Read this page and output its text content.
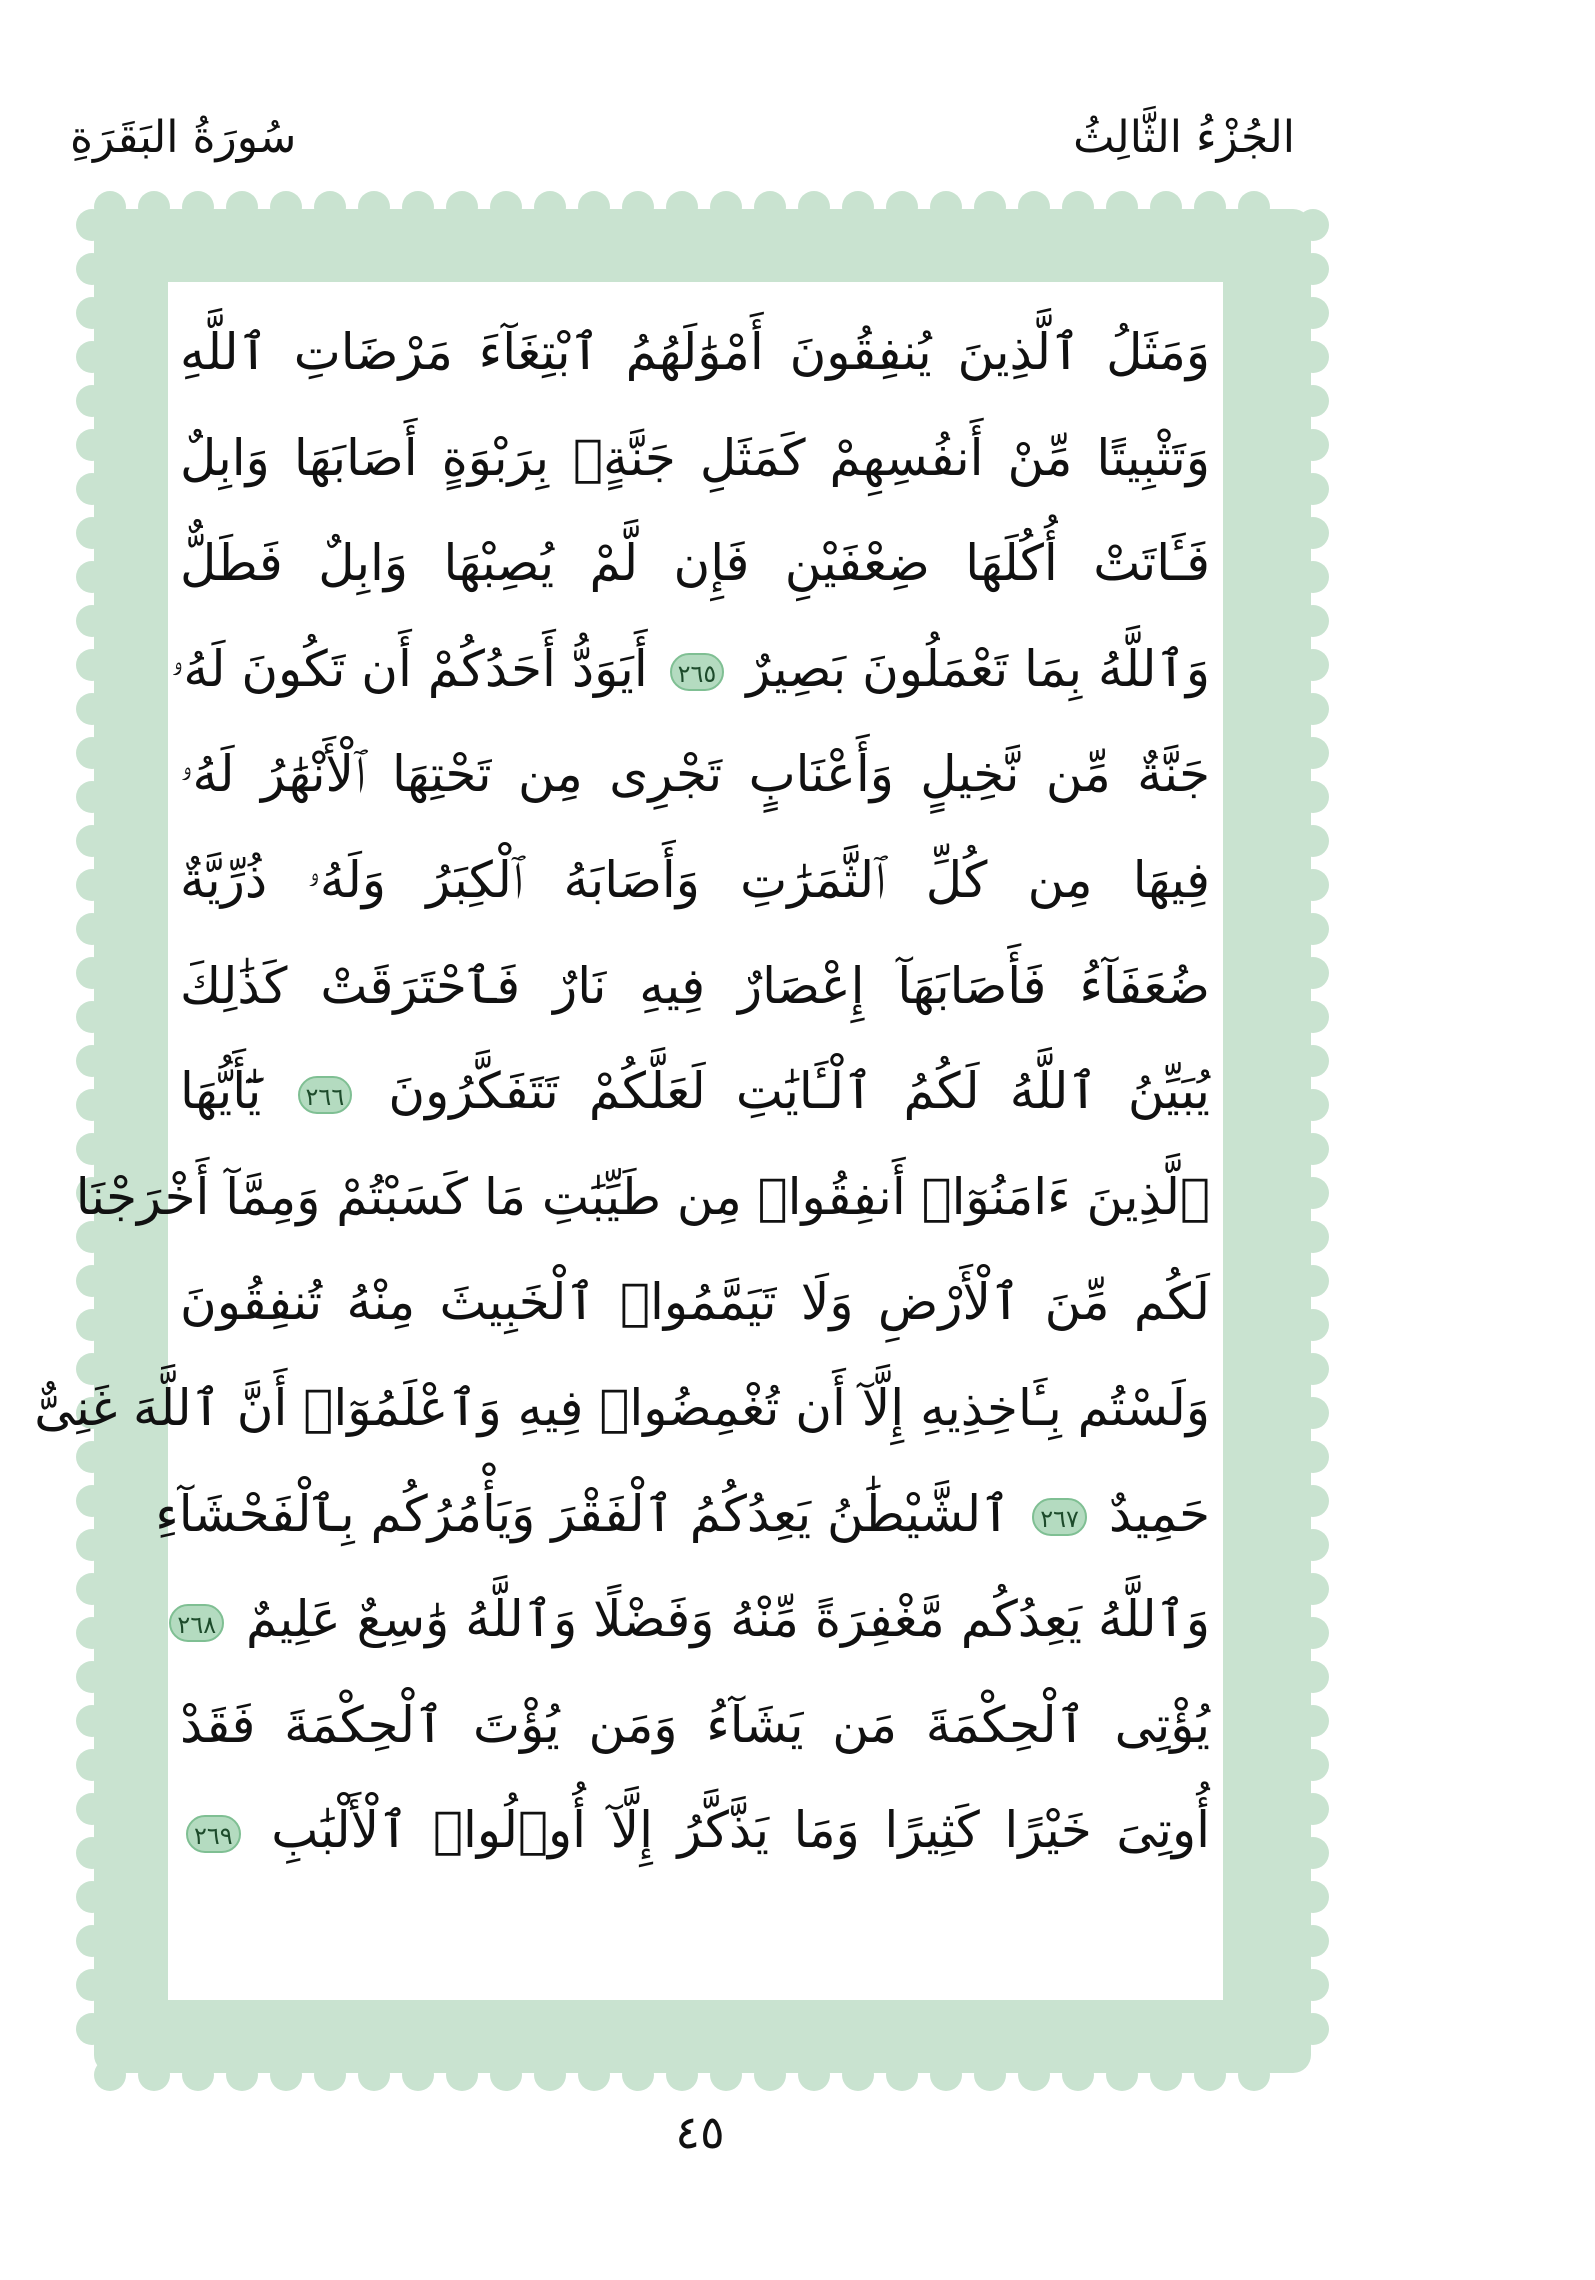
سُورَةُ البَقَرَةِ	الجُزْءُ الثَّالِثُ
وَمَثَلُ ٱلَّذِينَ يُنفِقُونَ أَمْوَٰلَهُمُ ٱبْتِغَآءَ مَرْضَاتِ ٱللَّهِ
وَتَثْبِيتًا مِّنْ أَنفُسِهِمْ كَمَثَلِ جَنَّةٍۭ بِرَبْوَةٍ أَصَابَهَا وَابِلٌ
فَـَٔاتَتْ أُكُلَهَا ضِعْفَيْنِ فَإِن لَّمْ يُصِبْهَا وَابِلٌ فَطَلٌّ
وَٱللَّهُ بِمَا تَعْمَلُونَ بَصِيرٌ ٢٦٥ أَيَوَدُّ أَحَدُكُمْ أَن تَكُونَ لَهُۥ
جَنَّةٌ مِّن نَّخِيلٍ وَأَعْنَابٍ تَجْرِى مِن تَحْتِهَا ٱلْأَنْهَٰرُ لَهُۥ
فِيهَا مِن كُلِّ ٱلثَّمَرَٰتِ وَأَصَابَهُ ٱلْكِبَرُ وَلَهُۥ ذُرِّيَّةٌ
ضُعَفَآءُ فَأَصَابَهَآ إِعْصَارٌ فِيهِ نَارٌ فَٱحْتَرَقَتْ كَذَٰلِكَ
يُبَيِّنُ ٱللَّهُ لَكُمُ ٱلْـَٔايَٰتِ لَعَلَّكُمْ تَتَفَكَّرُونَ ٢٦٦ يَٰٓأَيُّهَا
ٱلَّذِينَ ءَامَنُوٓا۟ أَنفِقُوا۟ مِن طَيِّبَٰتِ مَا كَسَبْتُمْ وَمِمَّآ أَخْرَجْنَا
لَكُم مِّنَ ٱلْأَرْضِ وَلَا تَيَمَّمُوا۟ ٱلْخَبِيثَ مِنْهُ تُنفِقُونَ
وَلَسْتُم بِـَٔاخِذِيهِ إِلَّآ أَن تُغْمِضُوا۟ فِيهِ وَٱعْلَمُوٓا۟ أَنَّ ٱللَّهَ غَنِىٌّ
حَمِيدٌ ٢٦٧ ٱلشَّيْطَٰنُ يَعِدُكُمُ ٱلْفَقْرَ وَيَأْمُرُكُم بِٱلْفَحْشَآءِ
وَٱللَّهُ يَعِدُكُم مَّغْفِرَةً مِّنْهُ وَفَضْلًا وَٱللَّهُ وَٰسِعٌ عَلِيمٌ ٢٦٨
يُؤْتِى ٱلْحِكْمَةَ مَن يَشَآءُ وَمَن يُؤْتَ ٱلْحِكْمَةَ فَقَدْ
أُوتِىَ خَيْرًا كَثِيرًا وَمَا يَذَّكَّرُ إِلَّآ أُو۟لُوا۟ ٱلْأَلْبَٰبِ ٢٦٩
٤٥
